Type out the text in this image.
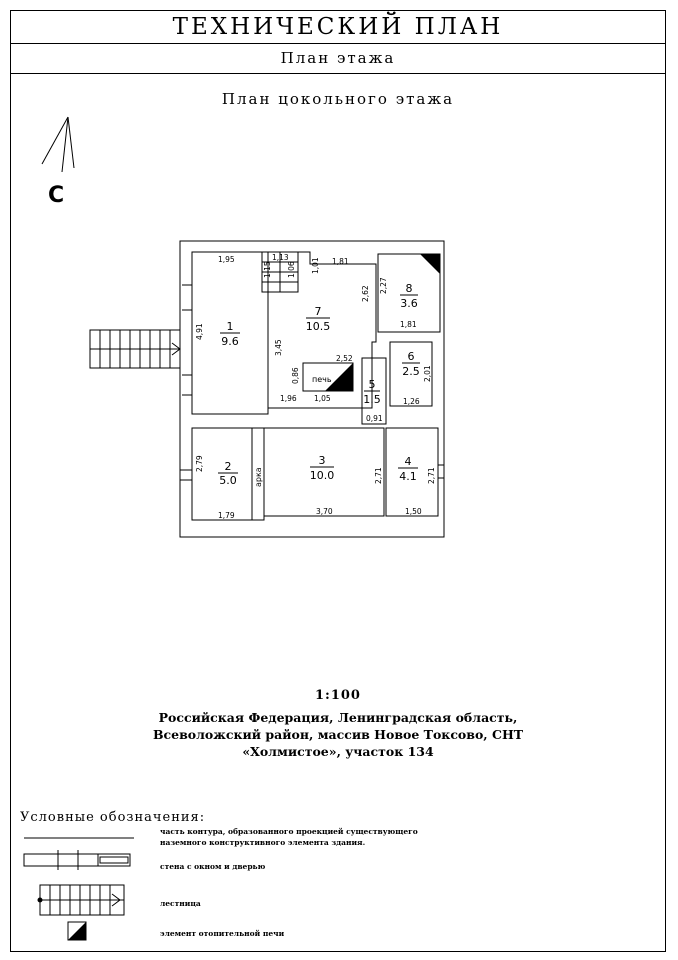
ТЕХНИЧЕСКИЙ ПЛАН
План этажа
План цокольного этажа
С
1
9.6
2
5.0
3
10.0
4
4.1
5
1.5
6
2.5
7
10.5
8
3.6
печь
арка
1,95
4,91
1,15
1,13
1,06 1,01 1,81
3,45
2,62 2,27
1,81
2,52
0,86
1,96 1,05
2,01
1,26
0,91
2,79
1,79
2,71
3,70
2,71
1,50
1:100
Российская Федерация, Ленинградская область,
Всеволожский район, массив Новое Токсово, СНТ
«Холмистое», участок 134
Условные обозначения:
часть контура, образованного проекцией существующего
наземного конструктивного элемента здания.
стена с окном и дверью
лестница
элемент отопительной печи
